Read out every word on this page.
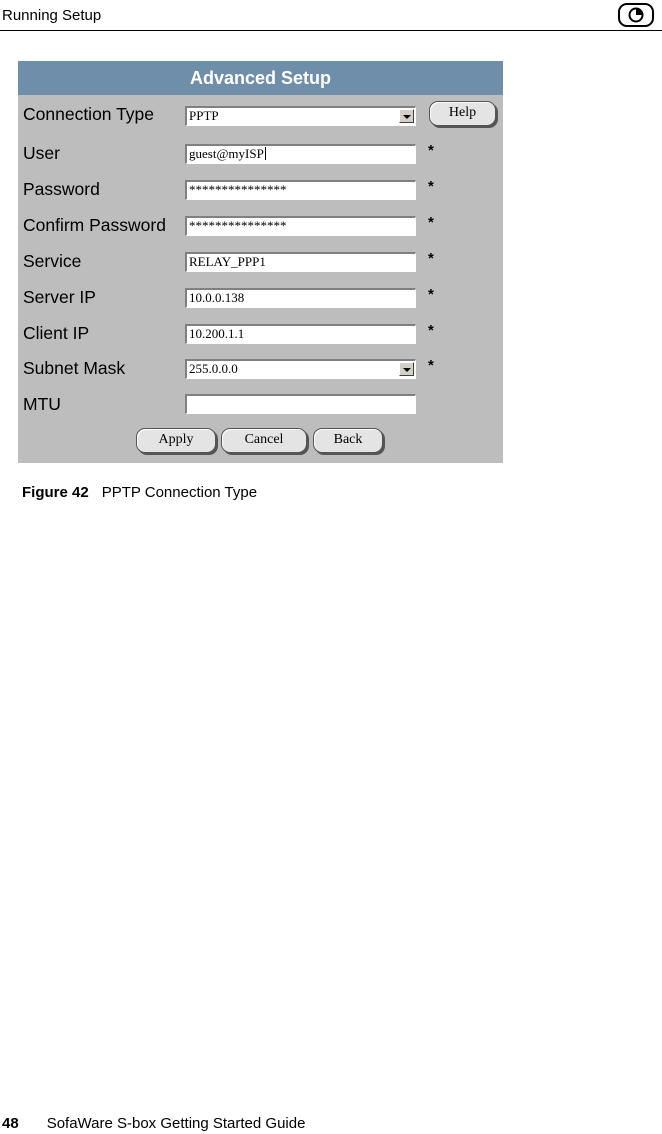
Running Setup
Advanced Setup
Connection Type	PPTP	Help
User	guest@myISP	*
Password	***************	*
Confirm Password	***************	*
Service	RELAY_PPP1	*
Server IP	10.0.0.138	*
Client IP	10.200.1.1	*
Subnet Mask	255.0.0.0	*
MTU
Apply	Cancel	Back
Figure 42 PPTP Connection Type
48 SofaWare S-box Getting Started Guide
